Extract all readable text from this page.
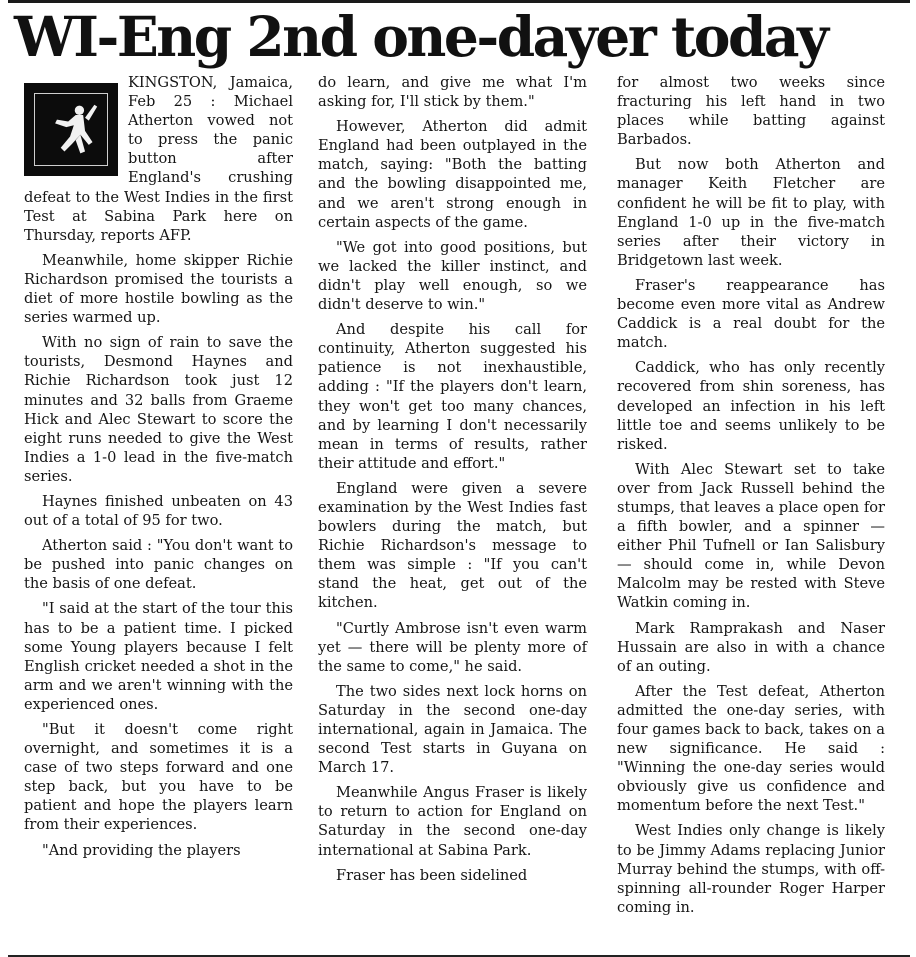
WI-Eng 2nd one-dayer today

KINGSTON, Jamaica, Feb 25 : Michael Atherton vowed not to press the panic button after England's crushing defeat to the West Indies in the first Test at Sabina Park here on Thursday, reports AFP.

Meanwhile, home skipper Richie Richardson promised the tourists a diet of more hostile bowling as the series warmed up.

With no sign of rain to save the tourists, Desmond Haynes and Richie Richardson took just 12 minutes and 32 balls from Graeme Hick and Alec Stewart to score the eight runs needed to give the West Indies a 1-0 lead in the five-match series.

Haynes finished unbeaten on 43 out of a total of 95 for two.

Atherton said : "You don't want to be pushed into panic changes on the basis of one defeat.

"I said at the start of the tour this has to be a patient time. I picked some Young players because I felt English cricket needed a shot in the arm and we aren't winning with the experienced ones.

"But it doesn't come right overnight, and sometimes it is a case of two steps forward and one step back, but you have to be patient and hope the players learn from their experiences.

"And providing the players

do learn, and give me what I'm asking for, I'll stick by them."

However, Atherton did admit England had been outplayed in the match, saying: "Both the batting and the bowling disappointed me, and we aren't strong enough in certain aspects of the game.

"We got into good positions, but we lacked the killer instinct, and didn't play well enough, so we didn't deserve to win."

And despite his call for continuity, Atherton suggested his patience is not inexhaustible, adding : "If the players don't learn, they won't get too many chances, and by learning I don't necessarily mean in terms of results, rather their attitude and effort."

England were given a severe examination by the West Indies fast bowlers during the match, but Richie Richardson's message to them was simple : "If you can't stand the heat, get out of the kitchen.

"Curtly Ambrose isn't even warm yet — there will be plenty more of the same to come," he said.

The two sides next lock horns on Saturday in the second one-day international, again in Jamaica. The second Test starts in Guyana on March 17.

Meanwhile Angus Fraser is likely to return to action for England on Saturday in the second one-day international at Sabina Park.

Fraser has been sidelined

for almost two weeks since fracturing his left hand in two places while batting against Barbados.

But now both Atherton and manager Keith Fletcher are confident he will be fit to play, with England 1-0 up in the five-match series after their victory in Bridgetown last week.

Fraser's reappearance has become even more vital as Andrew Caddick is a real doubt for the match.

Caddick, who has only recently recovered from shin soreness, has developed an infection in his left little toe and seems unlikely to be risked.

With Alec Stewart set to take over from Jack Russell behind the stumps, that leaves a place open for a fifth bowler, and a spinner —either Phil Tufnell or Ian Salisbury — should come in, while Devon Malcolm may be rested with Steve Watkin coming in.

Mark Ramprakash and Naser Hussain are also in with a chance of an outing.

After the Test defeat, Atherton admitted the one-day series, with four games back to back, takes on a new significance. He said : "Winning the one-day series would obviously give us confidence and momentum before the next Test."

West Indies only change is likely to be Jimmy Adams replacing Junior Murray behind the stumps, with off-spinning all-rounder Roger Harper coming in.
